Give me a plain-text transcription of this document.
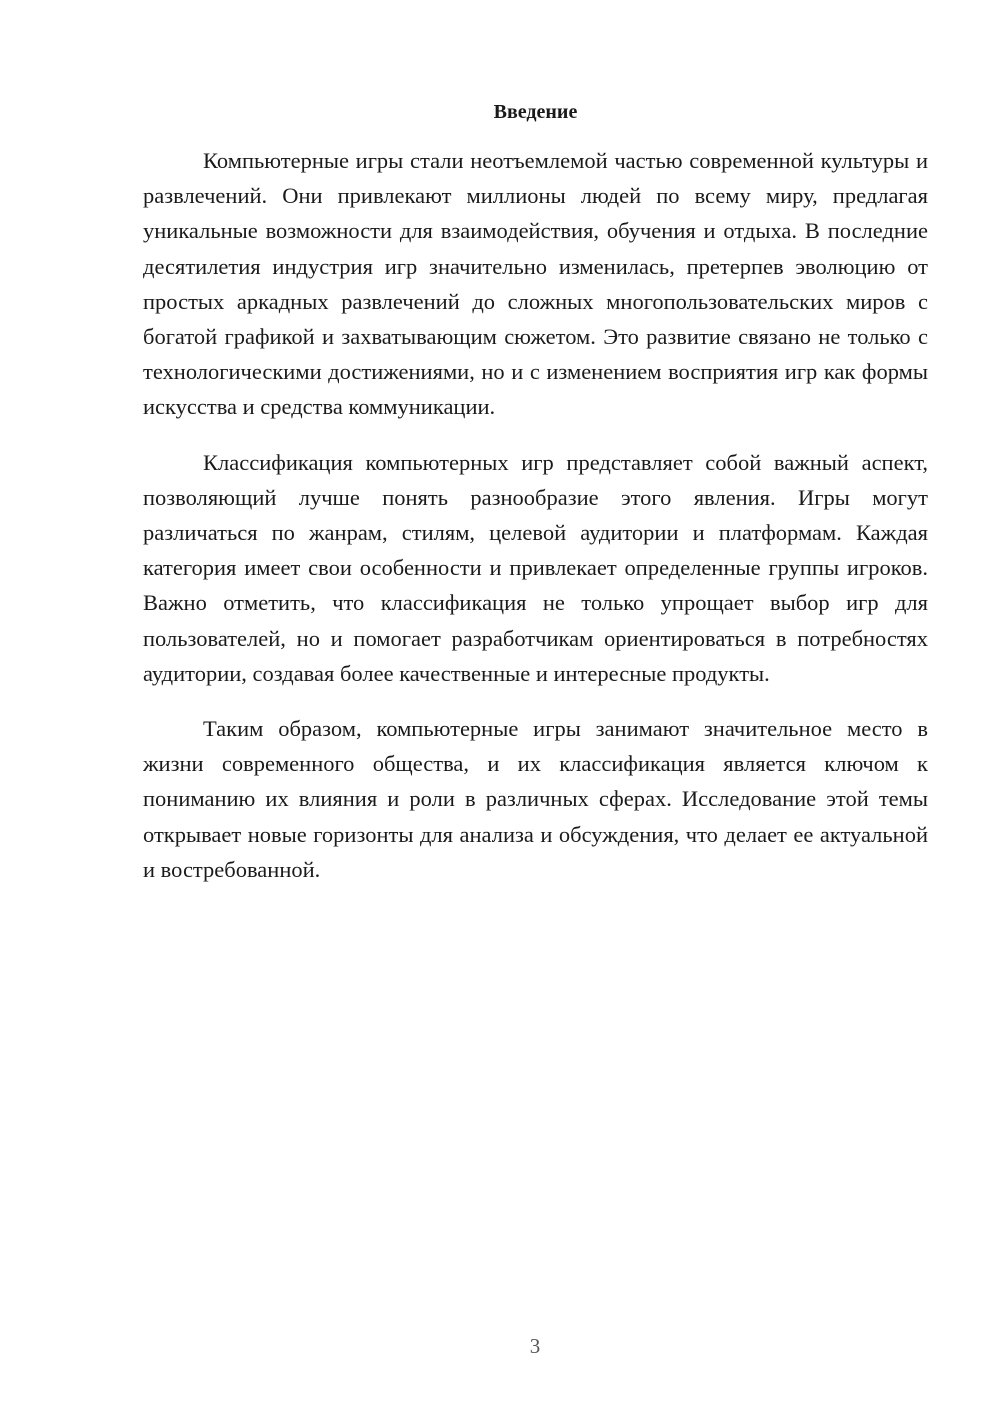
Введение

Компьютерные игры стали неотъемлемой частью современной культуры и развлечений. Они привлекают миллионы людей по всему миру, предлагая уникальные возможности для взаимодействия, обучения и отдыха. В последние десятилетия индустрия игр значительно изменилась, претерпев эволюцию от простых аркадных развлечений до сложных многопользовательских миров с богатой графикой и захватывающим сюжетом. Это развитие связано не только с технологическими достижениями, но и с изменением восприятия игр как формы искусства и средства коммуникации.

Классификация компьютерных игр представляет собой важный аспект, позволяющий лучше понять разнообразие этого явления. Игры могут различаться по жанрам, стилям, целевой аудитории и платформам. Каждая категория имеет свои особенности и привлекает определенные группы игроков. Важно отметить, что классификация не только упрощает выбор игр для пользователей, но и помогает разработчикам ориентироваться в потребностях аудитории, создавая более качественные и интересные продукты.

Таким образом, компьютерные игры занимают значительное место в жизни современного общества, и их классификация является ключом к пониманию их влияния и роли в различных сферах. Исследование этой темы открывает новые горизонты для анализа и обсуждения, что делает ее актуальной и востребованной.

3
